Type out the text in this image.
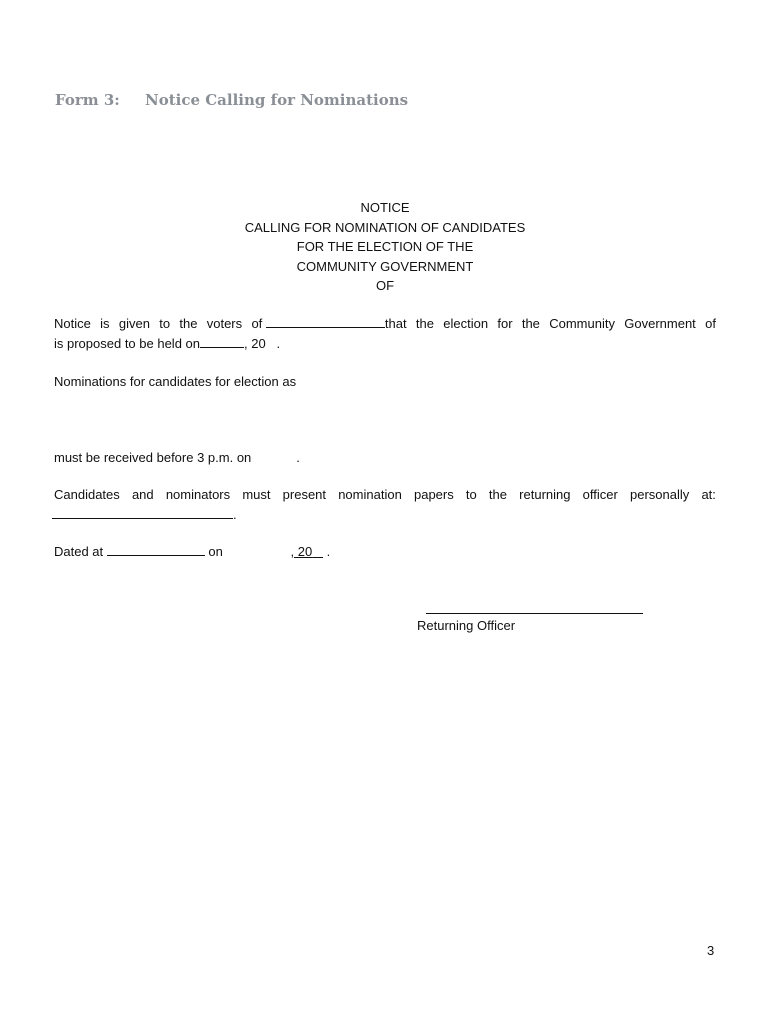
Form 3: Notice Calling for Nominations
NOTICE
CALLING FOR NOMINATION OF CANDIDATES
FOR THE ELECTION OF THE
COMMUNITY GOVERNMENT
OF
Notice is given to the voters of	that the election for the Community Government of
is proposed to be held on	, 20 .
Nominations for candidates for election as
must be received before 3 p.m. on	.
Candidates and nominators must present nomination papers to the returning officer personally at:
.
Dated at	on	, 20 .
Returning Officer
3
